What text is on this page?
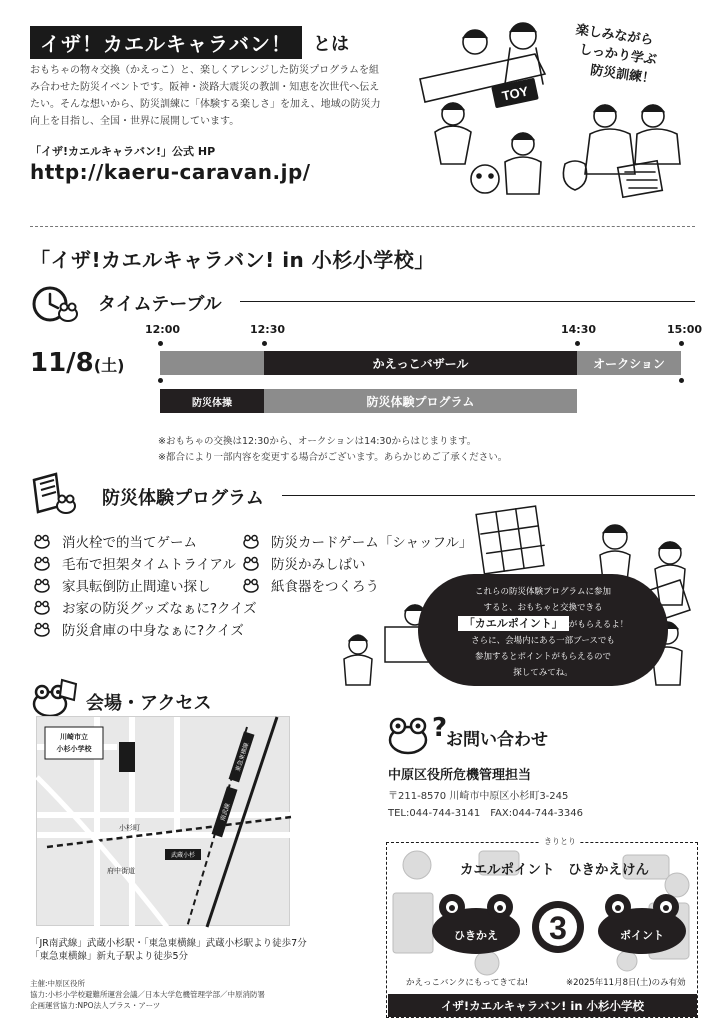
イザ！カエルキャラバン！	とは
おもちゃの物々交換（かえっこ）と、楽しくアレンジした防災プログラムを組み合わせた防災イベントです。阪神・淡路大震災の教訓・知恵を次世代へ伝えたい。そんな想いから、防災訓練に「体験する楽しさ」を加え、地域の防災力向上を目指し、全国・世界に展開しています。
「イザ!カエルキャラバン!」公式 HP
http://kaeru-caravan.jp/
TOY
楽しみながら
しっかり学ぶ
防災訓練！
「イザ!カエルキャラバン! in 小杉小学校」
タイムテーブル
12:00	12:30	14:30	15:00
11/8(土)	かえっこバザール	オークション
防災体操	防災体験プログラム
※おもちゃの交換は12:30から、オークションは14:30からはじまります。
※都合により一部内容を変更する場合がございます。あらかじめご了承ください。
防災体験プログラム
消火栓で的当てゲーム
毛布で担架タイムトライアル
家具転倒防止間違い探し
お家の防災グッズなぁに?クイズ
防災倉庫の中身なぁに?クイズ
防災カードゲーム「シャッフル」
防災かみしばい
紙食器をつくろう	これらの防災体験プログラムに参加
すると、おもちゃと交換できる
「カエルポイント」 がもらえるよ！
さらに、会場内にある一部ブースでも
参加するとポイントがもらえるので
探してみてね。
会場・アクセス
川崎市立
小杉小学校
小杉町
府中街道
武蔵小杉
東急東横線
南武線
「JR南武線」武蔵小杉駅・「東急東横線」武蔵小杉駅より徒歩7分
「東急東横線」新丸子駅より徒歩5分
主催:中原区役所
協力:小杉小学校避難所運営会議／日本大学危機管理学部／中原消防署
企画運営協力:NPO法人プラス・アーツ
?
お問い合わせ
中原区役所危機管理担当
〒211-8570 川崎市中原区小杉町3-245
TEL:044-744-3141　FAX:044-744-3346
きりとり
カエルポイント　ひきかえけん
ひきかえ 3	ポイント
かえっこバンクにもってきてね!	※2025年11月8日(土)のみ有効
イザ!カエルキャラバン! in 小杉小学校
